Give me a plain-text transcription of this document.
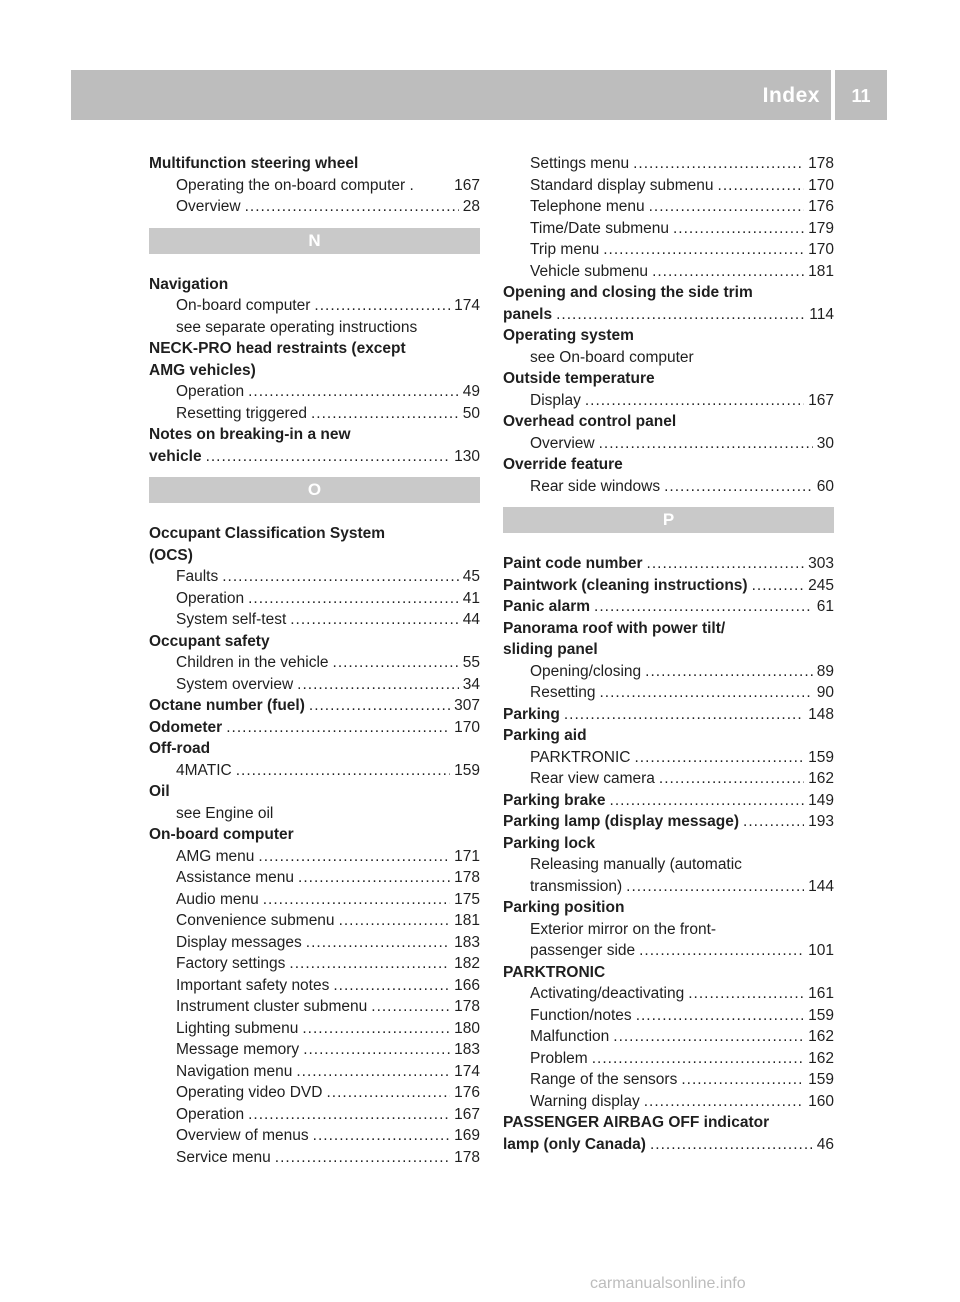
Index	11
Multifunction steering wheel
Operating the on-board computer .	167
Overview .....	28
N
Navigation
On-board computer .....	174
see separate operating instructions
NECK-PRO head restraints (except
AMG vehicles)
Operation .....	49
Resetting triggered .....	50
Notes on breaking-in a new
vehicle .....	130
O
Occupant Classification System
(OCS)
Faults .....	45
Operation .....	41
System self-test .....	44
Occupant safety
Children in the vehicle .....	55
System overview .....	34
Octane number (fuel) .....	307
Odometer .....	170
Off-road
4MATIC .....	159
Oil
see Engine oil
On-board computer
AMG menu .....	171
Assistance menu .....	178
Audio menu .....	175
Convenience submenu .....	181
Display messages .....	183
Factory settings .....	182
Important safety notes .....	166
Instrument cluster submenu .....	178
Lighting submenu .....	180
Message memory .....	183
Navigation menu .....	174
Operating video DVD .....	176
Operation .....	167
Overview of menus .....	169
Service menu .....	178
Settings menu .....	178
Standard display submenu .....	170
Telephone menu .....	176
Time/Date submenu .....	179
Trip menu .....	170
Vehicle submenu .....	181
Opening and closing the side trim
panels .....	114
Operating system
see On-board computer
Outside temperature
Display .....	167
Overhead control panel
Overview .....	30
Override feature
Rear side windows .....	60
P
Paint code number .....	303
Paintwork (cleaning instructions) .....	245
Panic alarm .....	61
Panorama roof with power tilt/
sliding panel
Opening/closing .....	89
Resetting .....	90
Parking .....	148
Parking aid
PARKTRONIC .....	159
Rear view camera .....	162
Parking brake .....	149
Parking lamp (display message) .....	193
Parking lock
Releasing manually (automatic
transmission) .....	144
Parking position
Exterior mirror on the front-
passenger side .....	101
PARKTRONIC
Activating/deactivating .....	161
Function/notes .....	159
Malfunction .....	162
Problem .....	162
Range of the sensors .....	159
Warning display .....	160
PASSENGER AIRBAG OFF indicator
lamp (only Canada) .....	46
carmanualsonline.info
